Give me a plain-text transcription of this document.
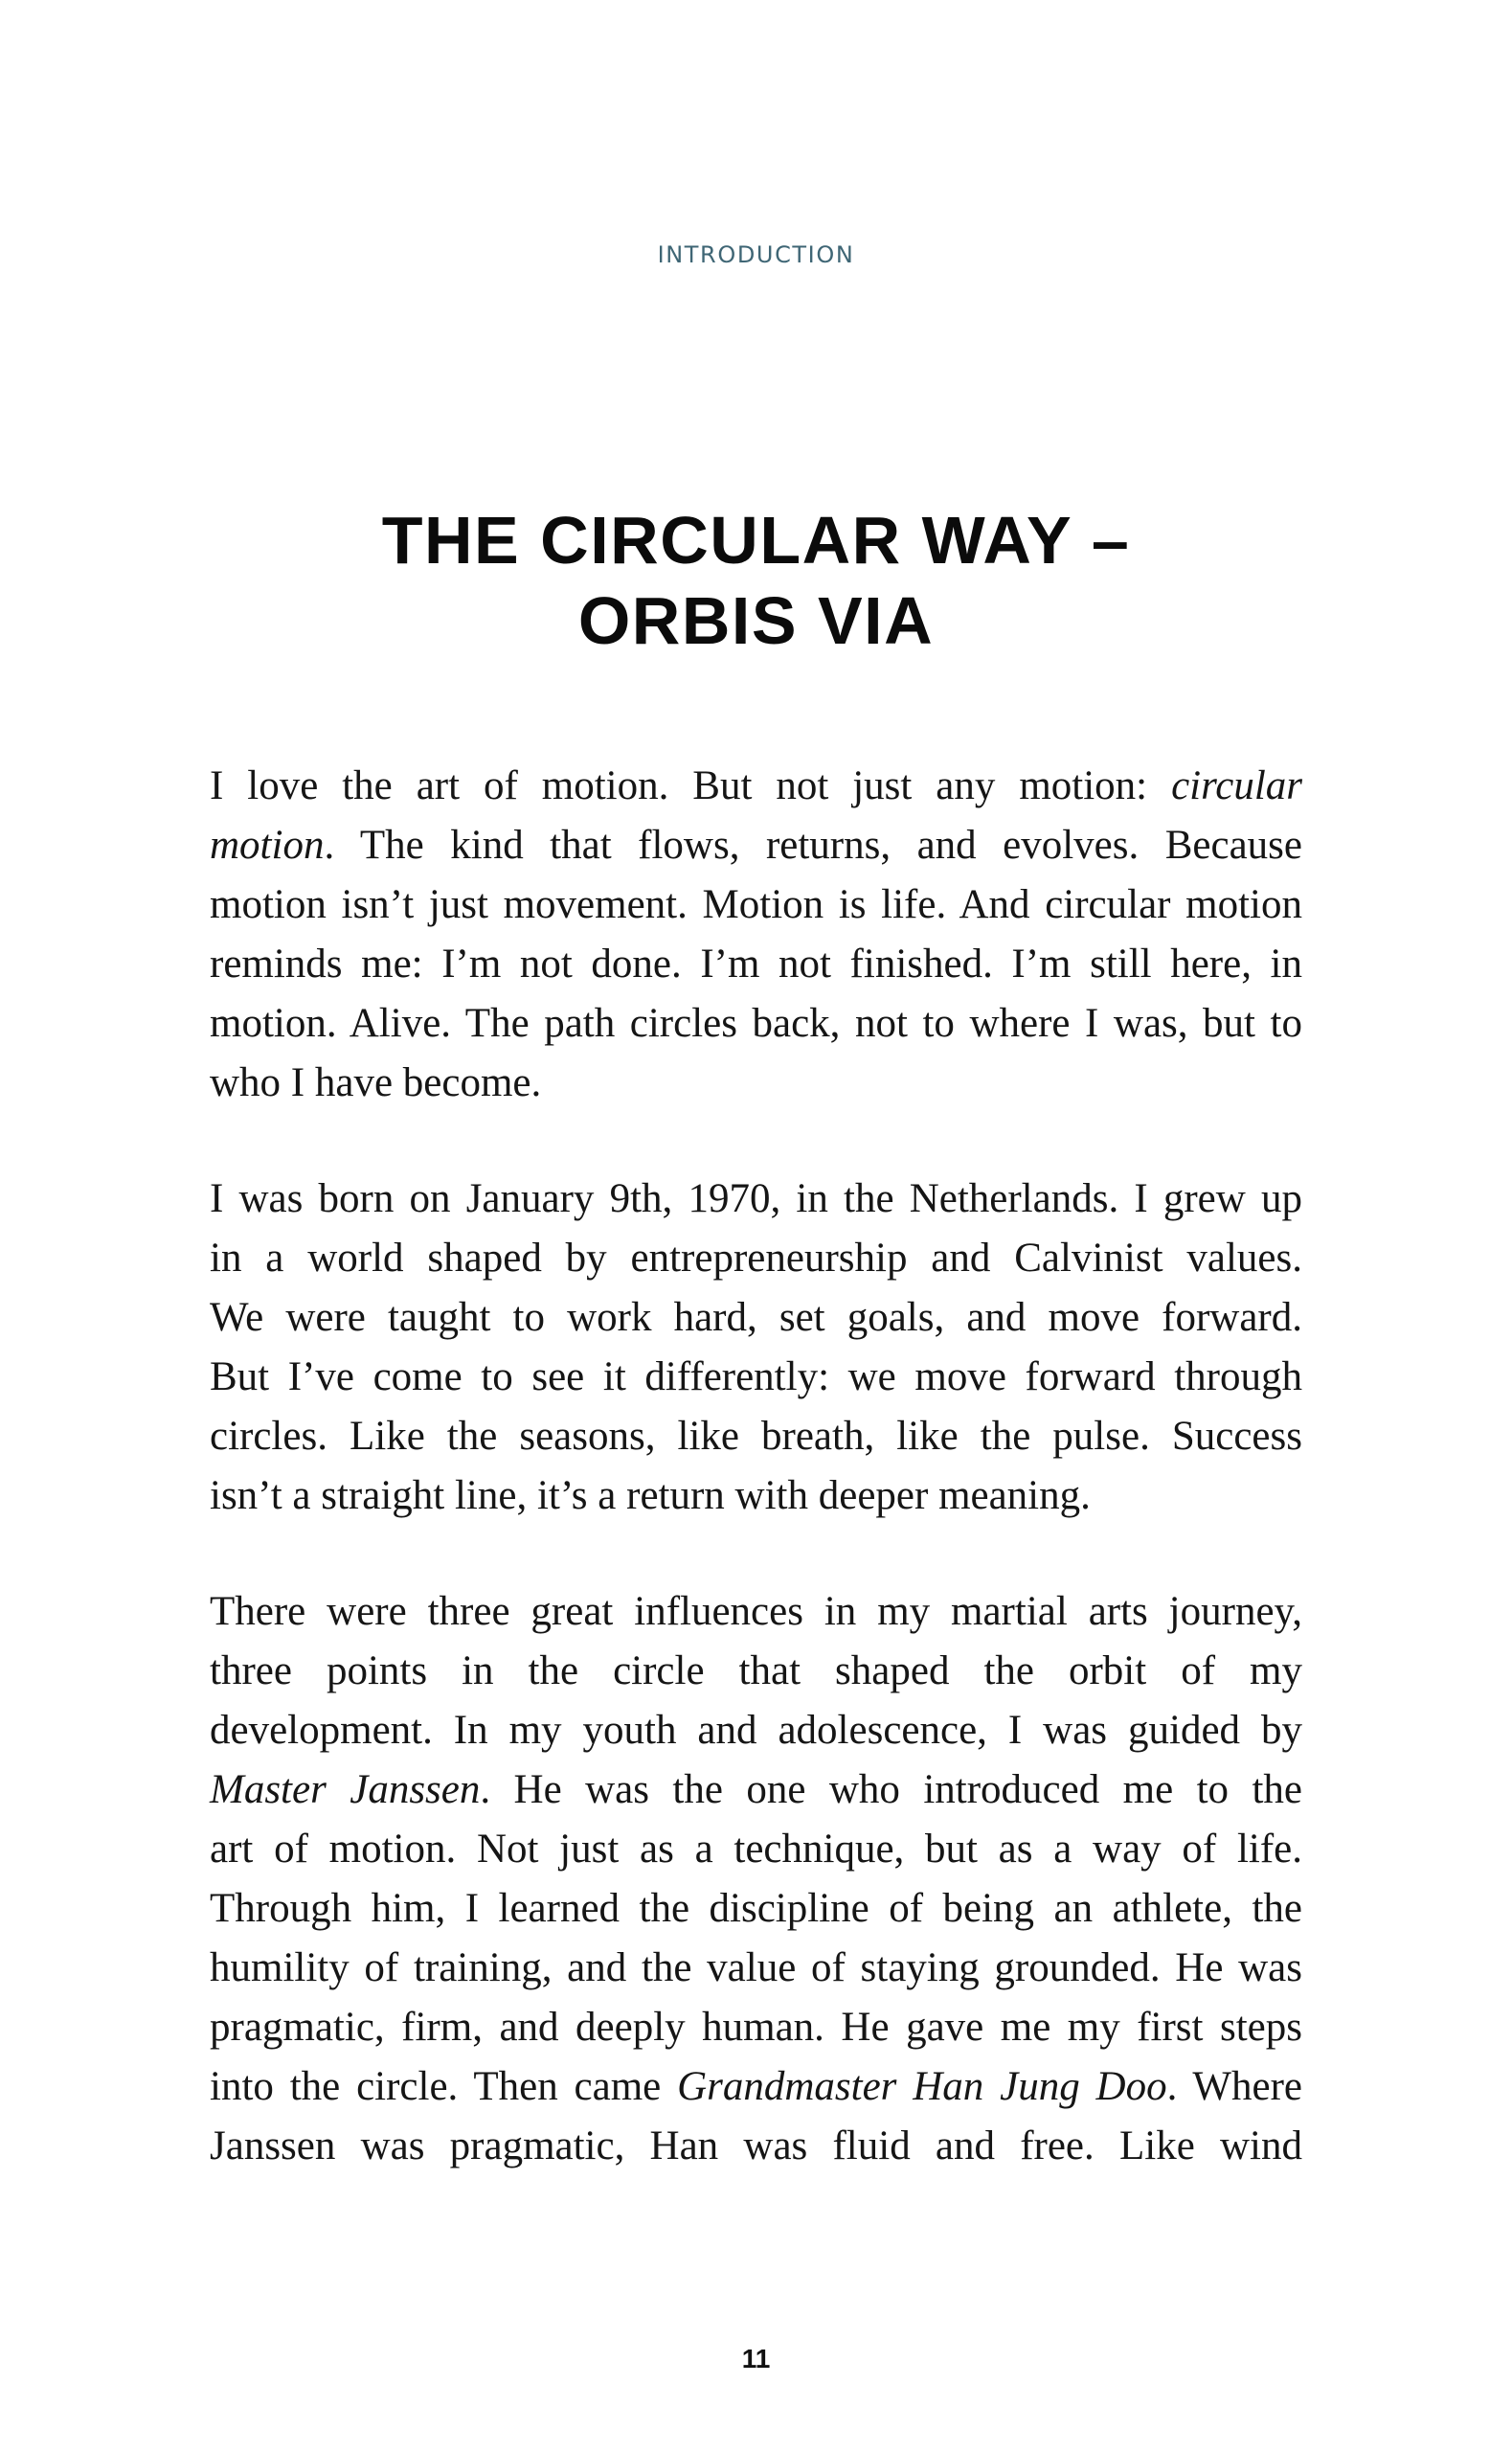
INTRODUCTION
THE CIRCULAR WAY –
ORBIS VIA

I love the art of motion. But not just any motion: circular
motion. The kind that flows, returns, and evolves. Because
motion isn’t just movement. Motion is life. And circular motion
reminds me: I’m not done. I’m not finished. I’m still here, in
motion. Alive. The path circles back, not to where I was, but to
who I have become.

I was born on January 9th, 1970, in the Netherlands. I grew up
in a world shaped by entrepreneurship and Calvinist values.
We were taught to work hard, set goals, and move forward.
But I’ve come to see it differently: we move forward through
circles. Like the seasons, like breath, like the pulse. Success
isn’t a straight line, it’s a return with deeper meaning.

There were three great influences in my martial arts journey,
three points in the circle that shaped the orbit of my
development. In my youth and adolescence, I was guided by
Master Janssen. He was the one who introduced me to the
art of motion. Not just as a technique, but as a way of life.
Through him, I learned the discipline of being an athlete, the
humility of training, and the value of staying grounded. He was
pragmatic, firm, and deeply human. He gave me my first steps
into the circle. Then came Grandmaster Han Jung Doo. Where
Janssen was pragmatic, Han was fluid and free. Like wind

11
